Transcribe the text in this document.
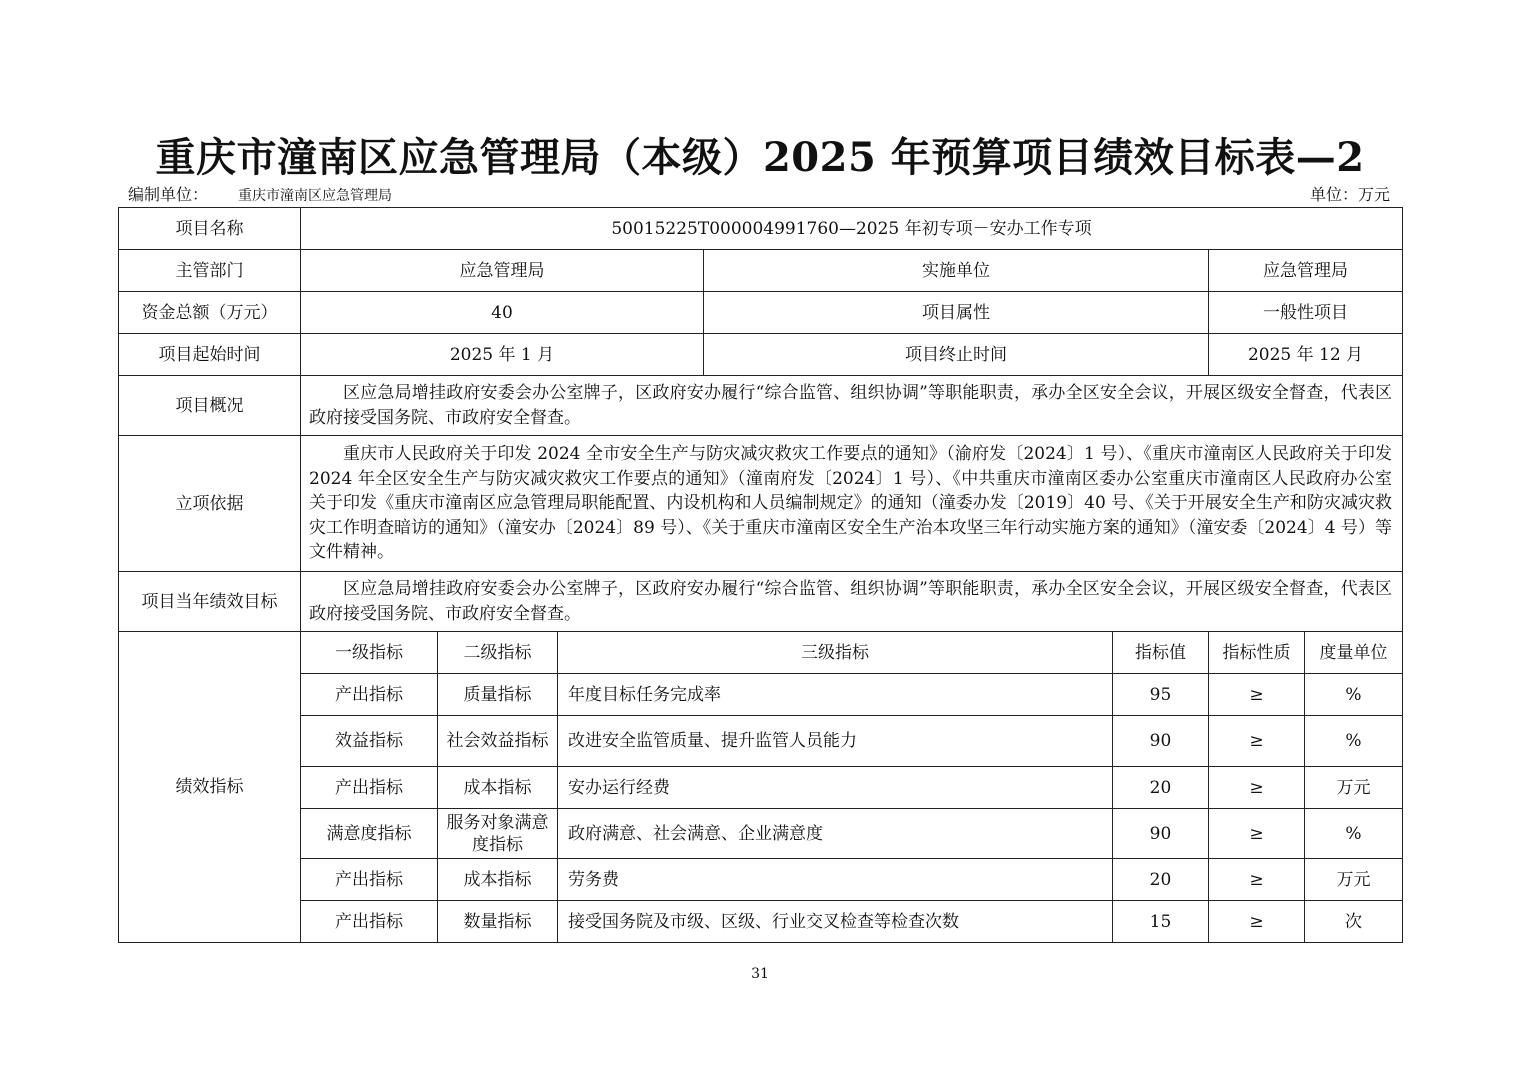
重庆市潼南区应急管理局（本级）2025 年预算项目绩效目标表—2
编制单位： 重庆市潼南区应急管理局	单位：万元
项目名称	50015225T000004991760—2025 年初专项－安办工作专项						
主管部门	应急管理局			实施单位		应急管理局	
资金总额（万元）	40			项目属性		一般性项目	
项目起始时间	2025 年 1 月			项目终止时间		2025 年 12 月	
项目概况	区应急局增挂政府安委会办公室牌子，区政府安办履行“综合监管、组织协调”等职能职责，承办全区安全会议，开展区级安全督查，代表区政府接受国务院、市政府安全督查。						
立项依据	重庆市人民政府关于印发 2024 全市安全生产与防灾减灾救灾工作要点的通知》（渝府发〔2024〕1 号）、《重庆市潼南区人民政府关于印发 2024 年全区安全生产与防灾减灾救灾工作要点的通知》（潼南府发〔2024〕1 号）、《中共重庆市潼南区委办公室重庆市潼南区人民政府办公室关于印发《重庆市潼南区应急管理局职能配置、内设机构和人员编制规定》的通知（潼委办发〔2019〕40 号、《关于开展安全生产和防灾减灾救灾工作明查暗访的通知》（潼安办〔2024〕89 号）、《关于重庆市潼南区安全生产治本攻坚三年行动实施方案的通知》（潼安委〔2024〕4 号）等文件精神。						
项目当年绩效目标	区应急局增挂政府安委会办公室牌子，区政府安办履行“综合监管、组织协调”等职能职责，承办全区安全会议，开展区级安全督查，代表区政府接受国务院、市政府安全督查。						
绩效指标	一级指标	二级指标	三级指标		指标值	指标性质	度量单位
	产出指标	质量指标	年度目标任务完成率		95	≥	%
	效益指标	社会效益指标	改进安全监管质量、提升监管人员能力		90	≥	%
	产出指标	成本指标	安办运行经费		20	≥	万元
	满意度指标	服务对象满意度指标	政府满意、社会满意、企业满意度		90	≥	%
	产出指标	成本指标	劳务费		20	≥	万元
	产出指标	数量指标	接受国务院及市级、区级、行业交叉检查等检查次数		15	≥	次
31
